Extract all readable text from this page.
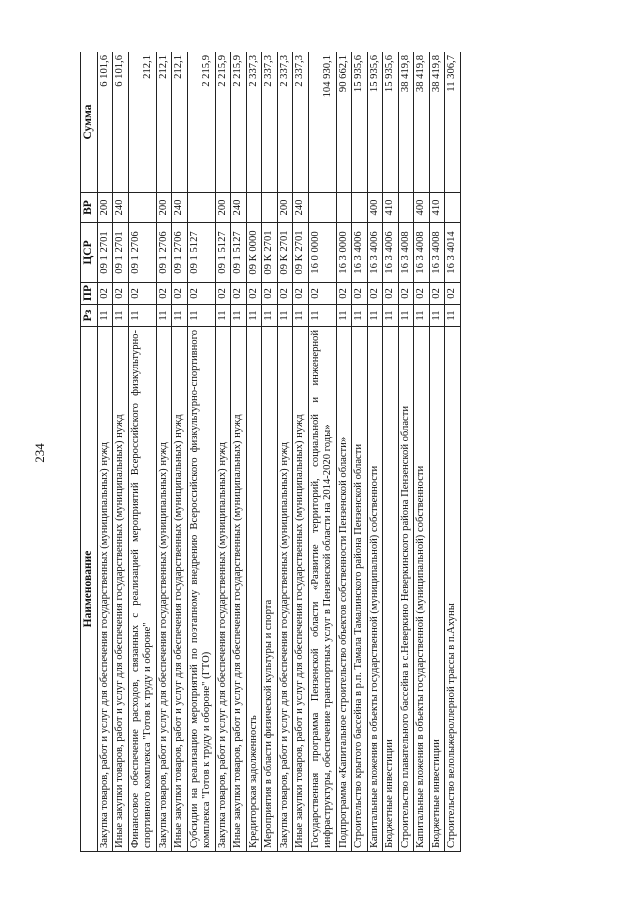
234
Наименование	Рз	ПР	ЦСР	ВР	Сумма
Закупка товаров, работ и услуг для обеспечения государственных (муниципальных) нужд	11	02	09 1 2701	200	6 101,6
Иные закупки товаров, работ и услуг для обеспечения государственных (муниципальных) нужд	11	02	09 1 2701	240	6 101,6
Финансовое обеспечение расходов, связанных с реализацией мероприятий Всероссийского физкультурно-спортивного комплекса "Готов к труду и обороне"	11	02	09 1 2706		212,1
Закупка товаров, работ и услуг для обеспечения государственных (муниципальных) нужд	11	02	09 1 2706	200	212,1
Иные закупки товаров, работ и услуг для обеспечения государственных (муниципальных) нужд	11	02	09 1 2706	240	212,1
Субсидии на реализацию мероприятий по поэтапному внедрению Всероссийского физкультурно-спортивного комплекса "Готов к труду и обороне" (ГТО)	11	02	09 1 5127		2 215,9
Закупка товаров, работ и услуг для обеспечения государственных (муниципальных) нужд	11	02	09 1 5127	200	2 215,9
Иные закупки товаров, работ и услуг для обеспечения государственных (муниципальных) нужд	11	02	09 1 5127	240	2 215,9
Кредиторская задолженность	11	02	09 К 0000		2 337,3
Мероприятия в области физической культуры и спорта	11	02	09 К 2701		2 337,3
Закупка товаров, работ и услуг для обеспечения государственных (муниципальных) нужд	11	02	09 К 2701	200	2 337,3
Иные закупки товаров, работ и услуг для обеспечения государственных (муниципальных) нужд	11	02	09 К 2701	240	2 337,3
Государственная программа Пензенской области «Развитие территорий, социальной и инженерной инфраструктуры, обеспечение транспортных услуг в Пензенской области на 2014-2020 годы»	11	02	16 0 0000		104 930,1
Подпрограмма «Капитальное строительство объектов собственности Пензенской области»	11	02	16 3 0000		90 662,1
Строительство крытого бассейна в р.п. Тамала Тамалинского района Пензенской области	11	02	16 3 4006		15 935,6
Капитальные вложения в объекты государственной (муниципальной) собственности	11	02	16 3 4006	400	15 935,6
Бюджетные инвестиции	11	02	16 3 4006	410	15 935,6
Строительство плавательного бассейна в с.Неверкино Неверкинского района Пензенской области	11	02	16 3 4008		38 419,8
Капитальные вложения в объекты государственной (муниципальной) собственности	11	02	16 3 4008	400	38 419,8
Бюджетные инвестиции	11	02	16 3 4008	410	38 419,8
Строительство велолыжероллерной трассы в п.Ахуны	11	02	16 3 4014		11 306,7
